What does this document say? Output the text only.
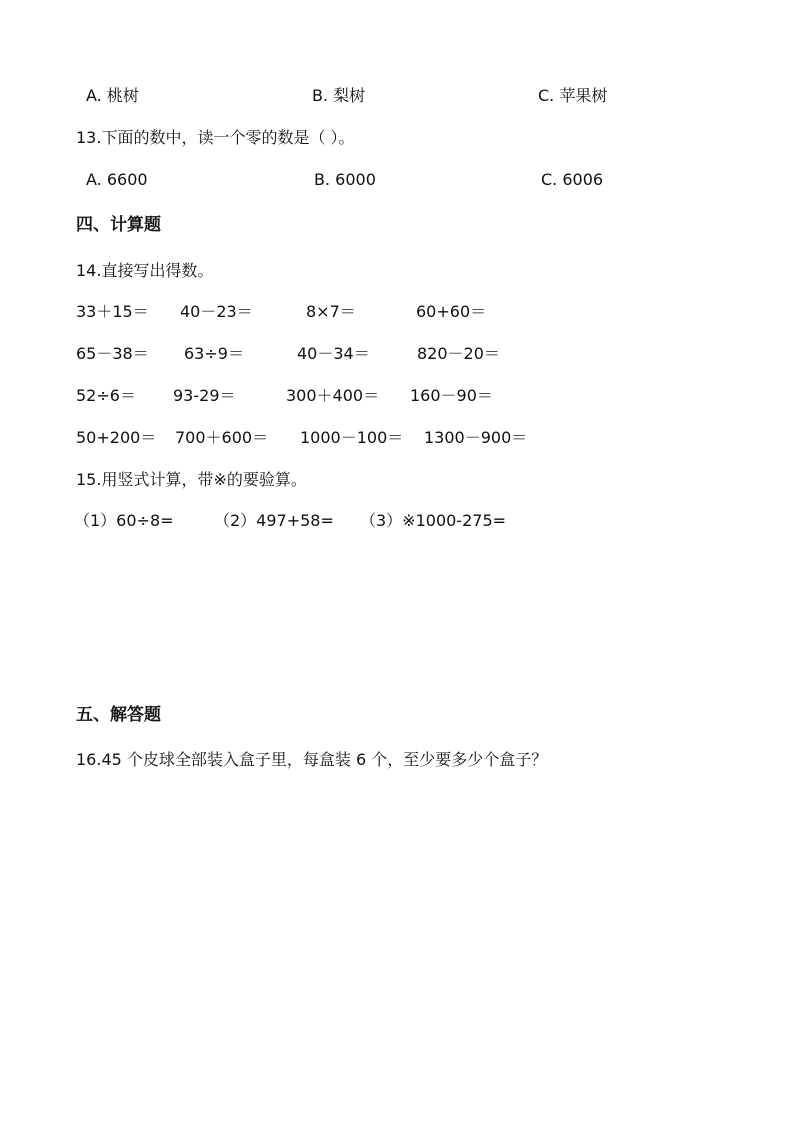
A. 桃树	B. 梨树	C. 苹果树
13.下面的数中，读一个零的数是（ ）。
A. 6600	B. 6000	C. 6006
四、计算题
14.直接写出得数。
33＋15＝ 40－23＝	8×7＝	60+60＝
65－38＝ 63÷9＝	40－34＝	820－20＝
52÷6＝ 93-29＝	300＋400＝ 160－90＝
50+200＝ 700＋600＝ 1000－100＝ 1300－900＝
15.用竖式计算，带※的要验算。
（1）60÷8=	（2）497+58= （3）※1000-275=
五、解答题
16.45 个皮球全部装入盒子里，每盒装 6 个，至少要多少个盒子？
